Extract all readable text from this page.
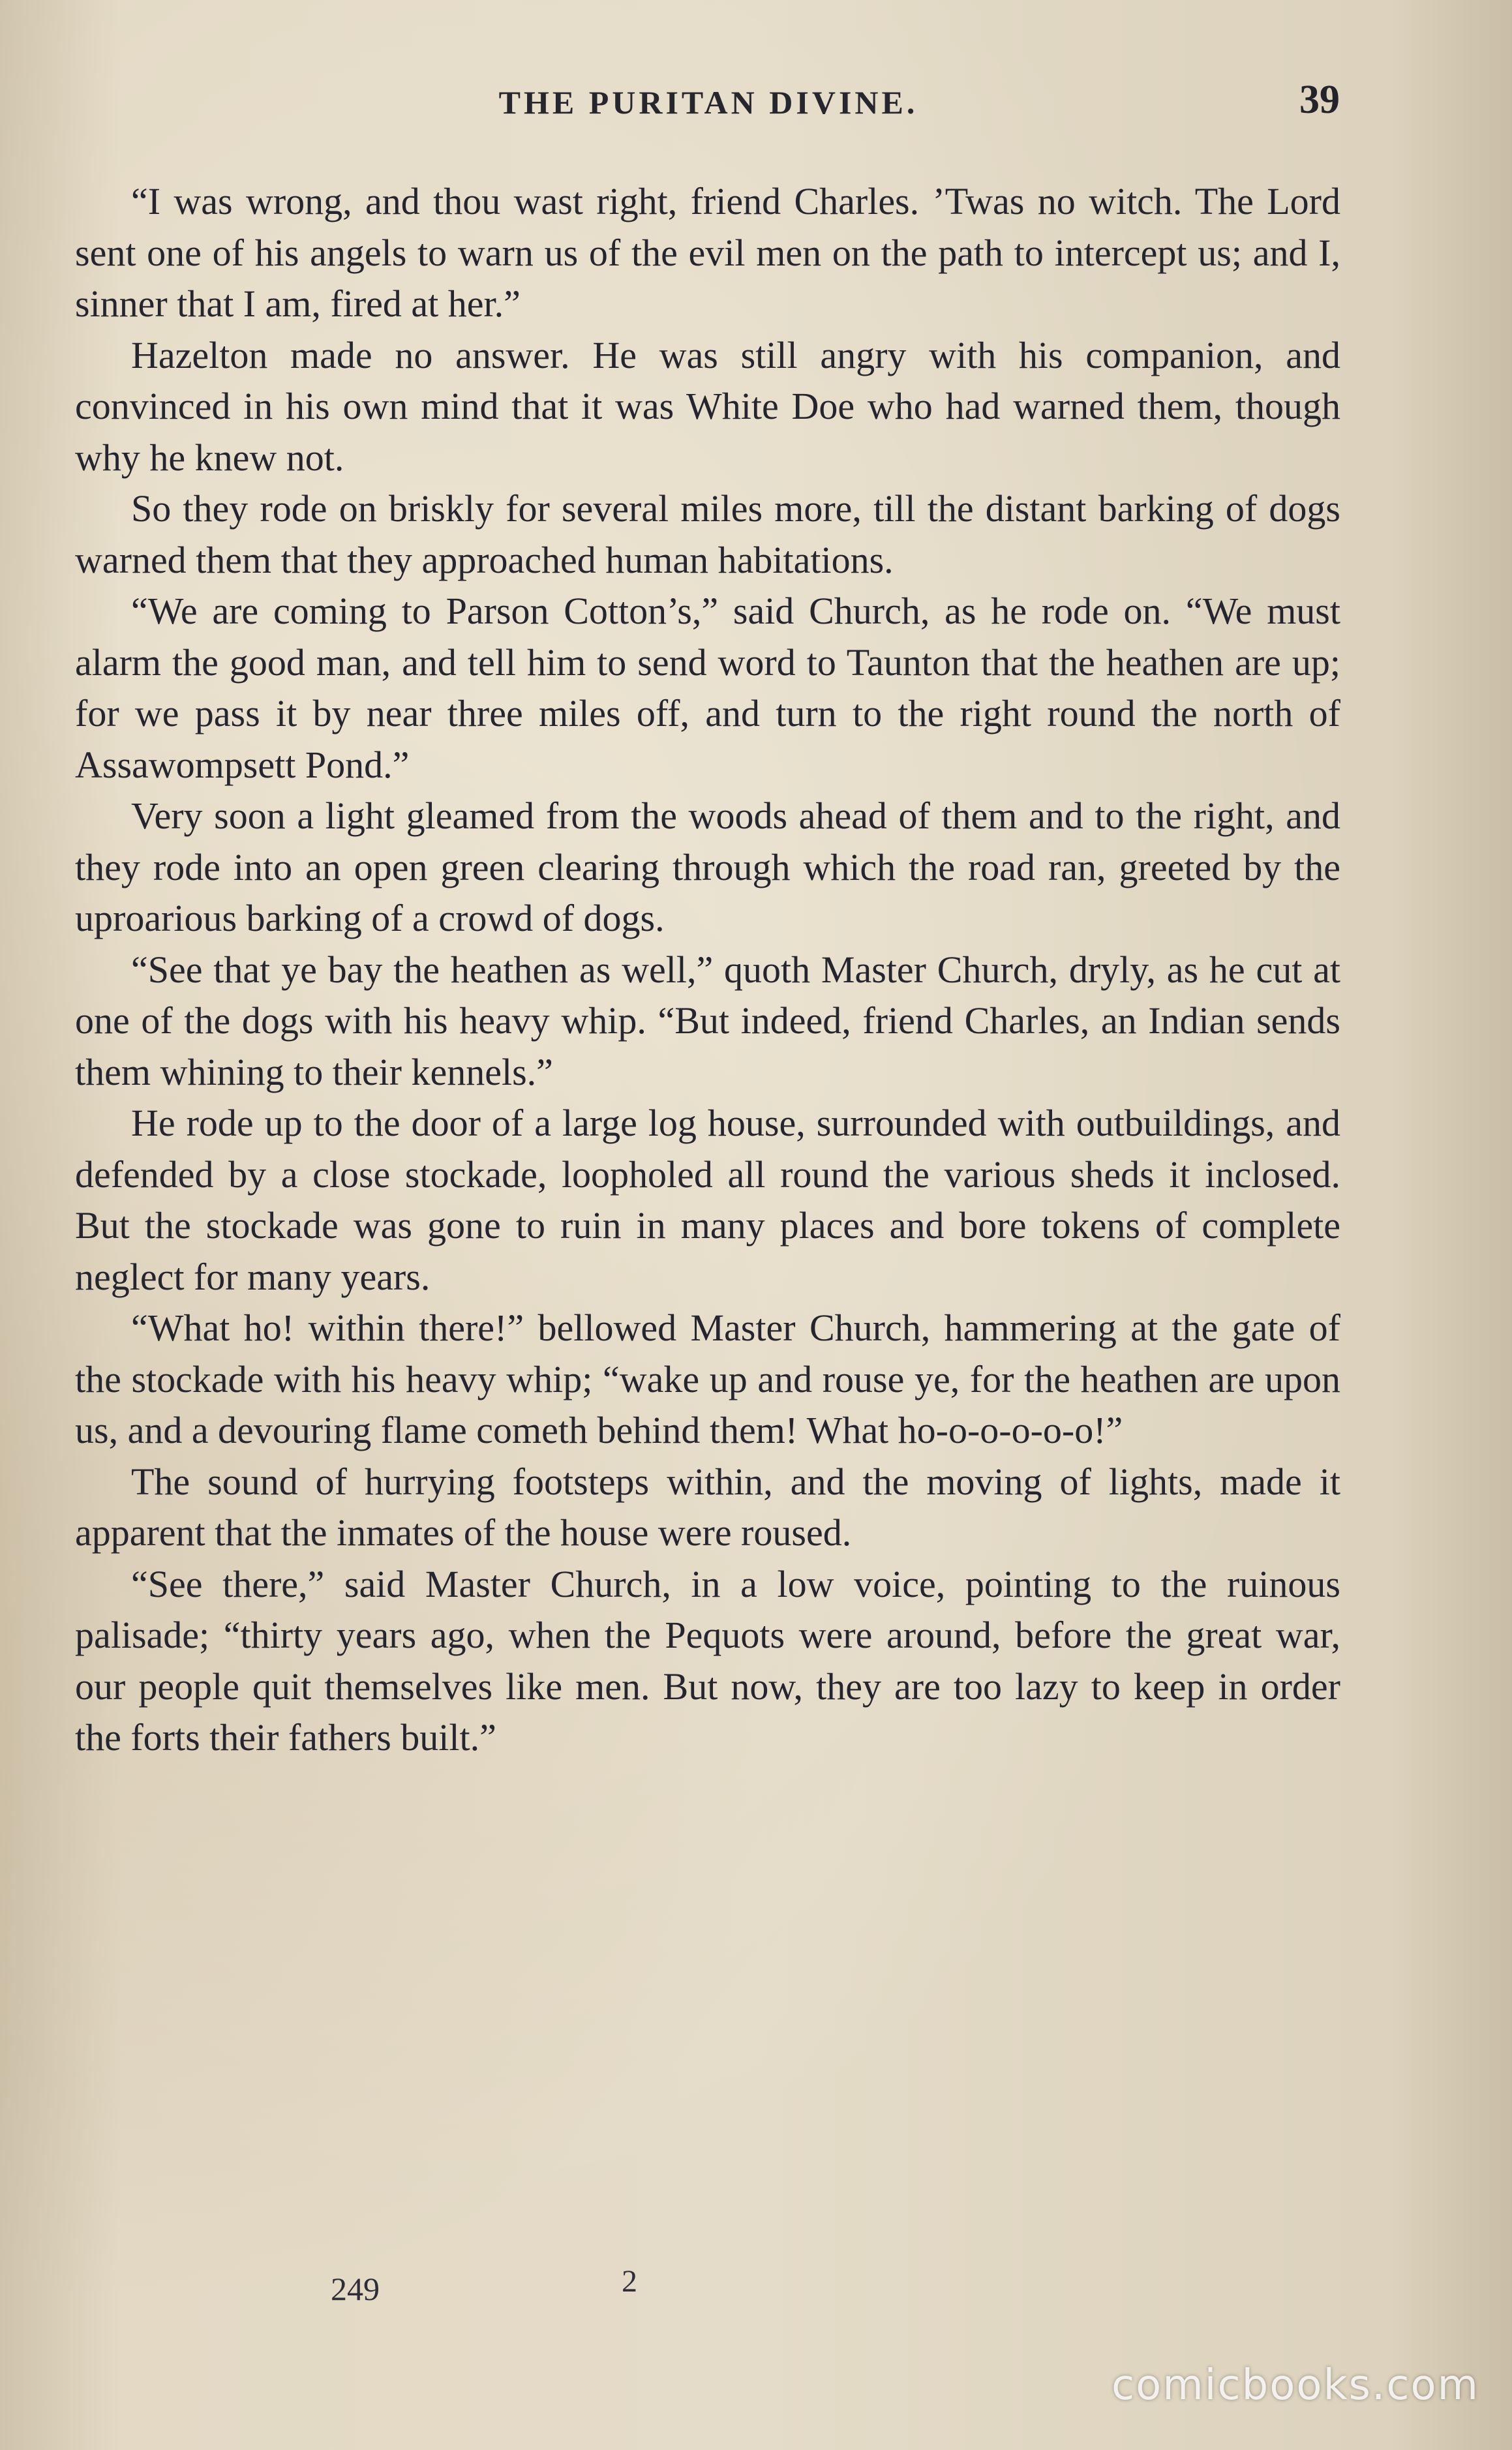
THE PURITAN DIVINE.	39

“I was wrong, and thou wast right, friend Charles. ’Twas no witch. The Lord sent one of his angels to warn us of the evil men on the path to intercept us; and I, sinner that I am, fired at her.”

Hazelton made no answer. He was still angry with his companion, and convinced in his own mind that it was White Doe who had warned them, though why he knew not.

So they rode on briskly for several miles more, till the distant barking of dogs warned them that they approached human habitations.

“We are coming to Parson Cotton’s,” said Church, as he rode on. “We must alarm the good man, and tell him to send word to Taunton that the heathen are up; for we pass it by near three miles off, and turn to the right round the north of Assawompsett Pond.”

Very soon a light gleamed from the woods ahead of them and to the right, and they rode into an open green clearing through which the road ran, greeted by the uproarious barking of a crowd of dogs.

“See that ye bay the heathen as well,” quoth Master Church, dryly, as he cut at one of the dogs with his heavy whip. “But indeed, friend Charles, an Indian sends them whining to their kennels.”

He rode up to the door of a large log house, surrounded with outbuildings, and defended by a close stockade, loopholed all round the various sheds it inclosed. But the stockade was gone to ruin in many places and bore tokens of complete neglect for many years.

“What ho! within there!” bellowed Master Church, hammering at the gate of the stockade with his heavy whip; “wake up and rouse ye, for the heathen are upon us, and a devouring flame cometh behind them! What ho-o-o-o-o-o!”

The sound of hurrying footsteps within, and the moving of lights, made it apparent that the inmates of the house were roused.

“See there,” said Master Church, in a low voice, pointing to the ruinous palisade; “thirty years ago, when the Pequots were around, before the great war, our people quit themselves like men. But now, they are too lazy to keep in order the forts their fathers built.”

249	2
comicbooks.com
